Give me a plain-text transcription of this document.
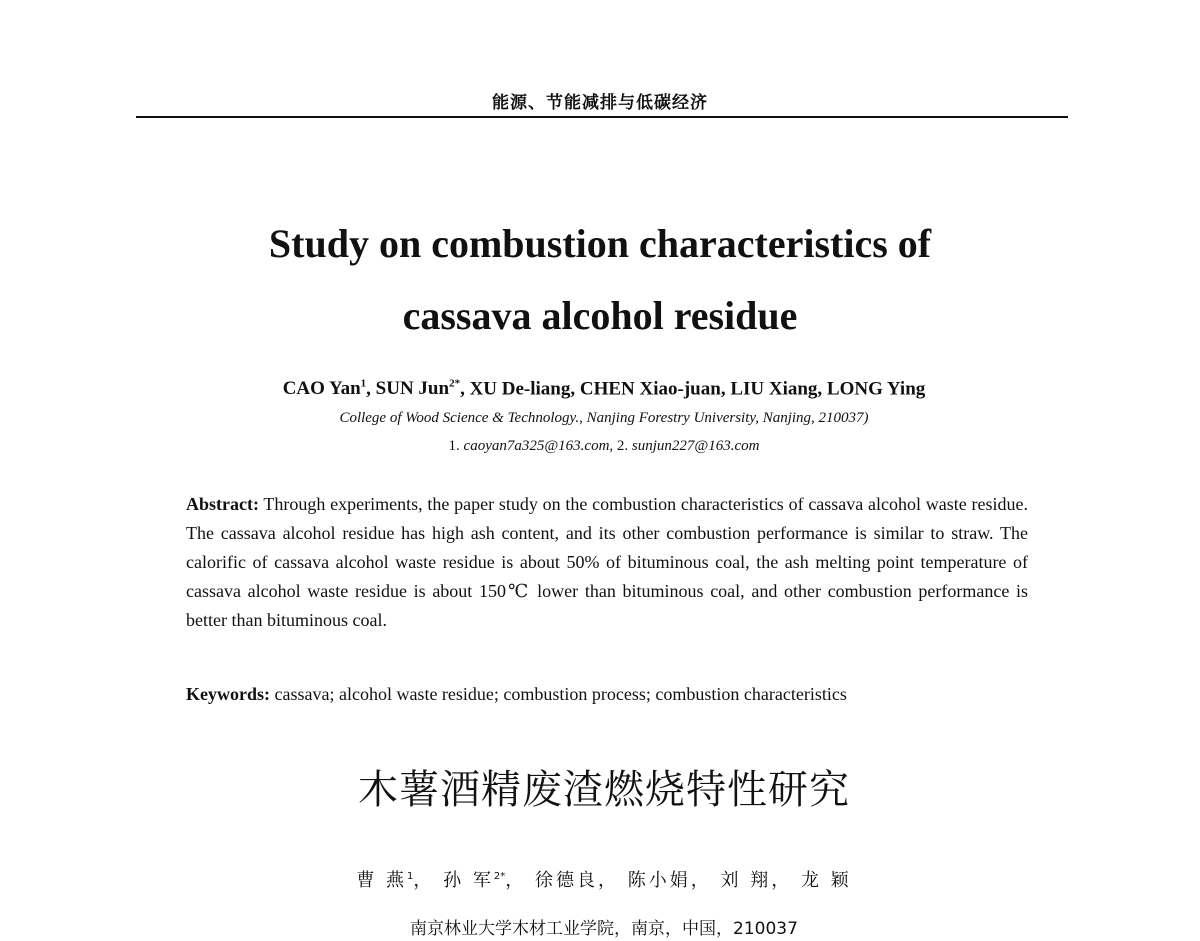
能源、节能减排与低碳经济
Study on combustion characteristics of
cassava alcohol residue
CAO Yan$^1$, SUN Jun$^{2*}$, XU De-liang, CHEN Xiao-juan, LIU Xiang, LONG Ying
College of Wood Science & Technology., Nanjing Forestry University, Nanjing, 210037)
1. caoyan7a325@163.com, 2. sunjun227@163.com
Abstract: Through experiments, the paper study on the combustion characteristics of cassava alcohol waste residue. The cassava alcohol residue has high ash content, and its other combustion performance is similar to straw. The calorific of cassava alcohol waste residue is about 50% of bituminous coal, the ash melting point temperature of cassava alcohol waste residue is about 150℃ lower than bituminous coal, and other combustion performance is better than bituminous coal.
Keywords: cassava; alcohol waste residue; combustion process; combustion characteristics
木薯酒精废渣燃烧特性研究
曹 燕$^1$， 孙 军$^{2*}$， 徐德良， 陈小娟， 刘 翔， 龙 颖
南京林业大学木材工业学院，南京，中国，210037
